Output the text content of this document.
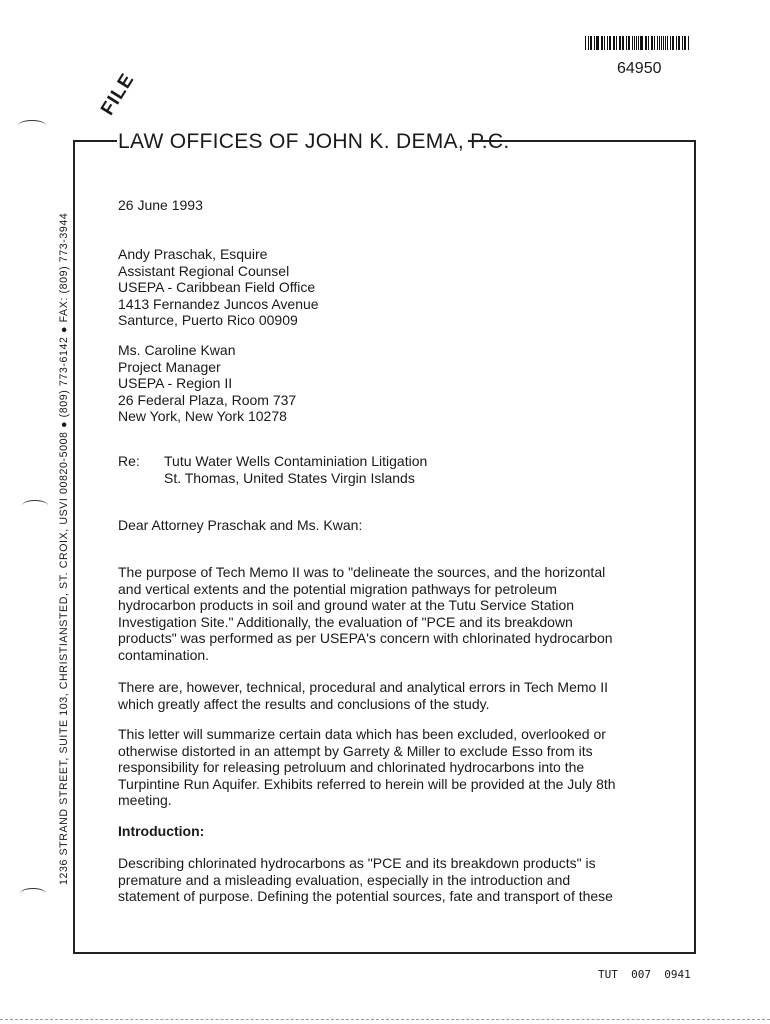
64950
FILE
LAW OFFICES OF JOHN K. DEMA, P.C.
1236 STRAND STREET, SUITE 103, CHRISTIANSTED, ST. CROIX, USVI 00820-5008 ● (809) 773-6142 ● FAX: (809) 773-3944
26 June 1993
Andy Praschak, Esquire
Assistant Regional Counsel
USEPA - Caribbean Field Office
1413 Fernandez Juncos Avenue
Santurce, Puerto Rico 00909
Ms. Caroline Kwan
Project Manager
USEPA - Region II
26 Federal Plaza, Room 737
New York, New York 10278
Re: Tutu Water Wells Contaminiation Litigation
St. Thomas, United States Virgin Islands
Dear Attorney Praschak and Ms. Kwan:
The purpose of Tech Memo II was to "delineate the sources, and the horizontal
and vertical extents and the potential migration pathways for petroleum
hydrocarbon products in soil and ground water at the Tutu Service Station
Investigation Site." Additionally, the evaluation of "PCE and its breakdown
products" was performed as per USEPA's concern with chlorinated hydrocarbon
contamination.
There are, however, technical, procedural and analytical errors in Tech Memo II
which greatly affect the results and conclusions of the study.
This letter will summarize certain data which has been excluded, overlooked or
otherwise distorted in an attempt by Garrety & Miller to exclude Esso from its
responsibility for releasing petroluum and chlorinated hydrocarbons into the
Turpintine Run Aquifer. Exhibits referred to herein will be provided at the July 8th
meeting.
Introduction:
Describing chlorinated hydrocarbons as "PCE and its breakdown products" is
premature and a misleading evaluation, especially in the introduction and
statement of purpose. Defining the potential sources, fate and transport of these
TUT  007  0941
